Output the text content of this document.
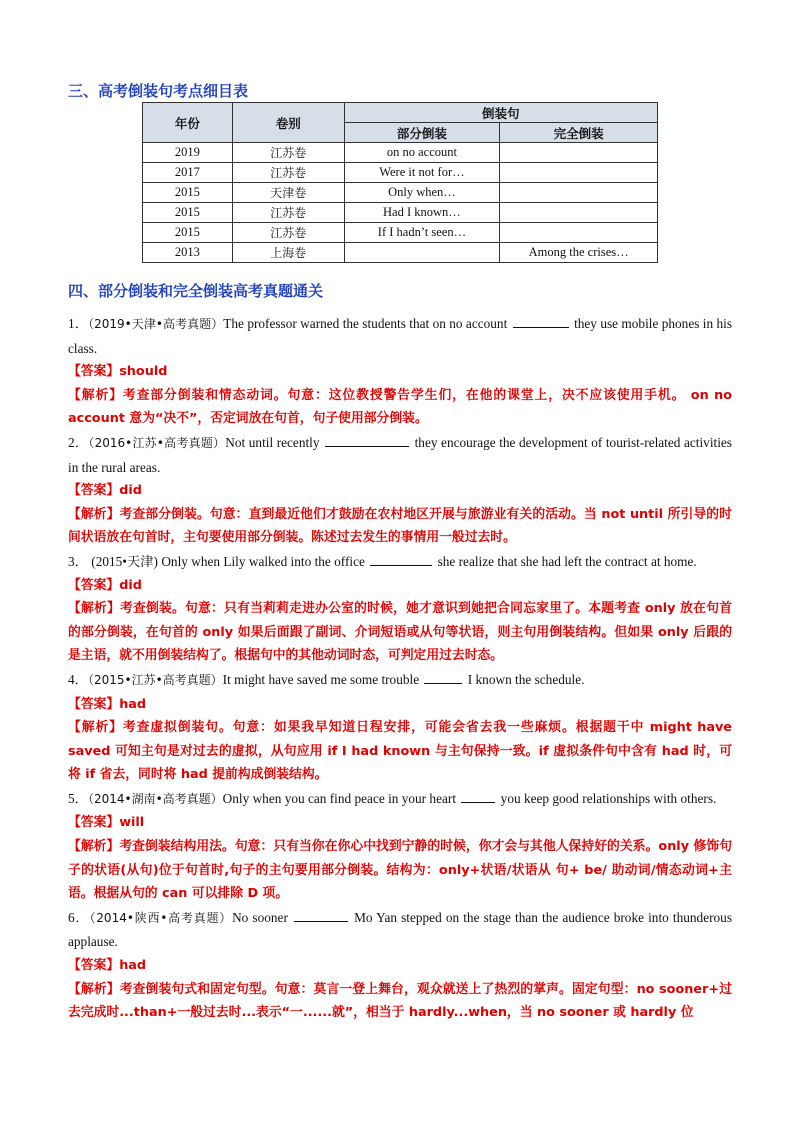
三、高考倒装句考点细目表
年份	卷别	倒装句	
		部分倒装	完全倒装
2019	江苏卷	on no account	
2017	江苏卷	Were it not for…	
2015	天津卷	Only when…	
2015	江苏卷	Had I known…	
2015	江苏卷	If I hadn’t seen…	
2013	上海卷		Among the crises…
四、部分倒装和完全倒装高考真题通关
1．（2019•天津•高考真题）The professor warned the students that on no account	they use mobile phones in his class.
【答案】should
【解析】考查部分倒装和情态动词。句意：这位教授警告学生们，在他的课堂上，决不应该使用手机。 on no account 意为“决不”，否定词放在句首，句子使用部分倒装。
2．（2016•江苏•高考真题）Not until recently	they encourage the development of tourist-related activities in the rural areas.
【答案】did
【解析】考查部分倒装。句意：直到最近他们才鼓励在农村地区开展与旅游业有关的活动。当 not until 所引导的时间状语放在句首时，主句要使用部分倒装。陈述过去发生的事情用一般过去时。
3． (2015•天津) Only when Lily walked into the office	she realize that she had left the contract at home.
【答案】did
【解析】考查倒装。句意：只有当莉莉走进办公室的时候，她才意识到她把合同忘家里了。本题考查 only 放在句首的部分倒装，在句首的 only 如果后面跟了副词、介词短语或从句等状语，则主句用倒装结构。但如果 only 后跟的是主语，就不用倒装结构了。根据句中的其他动词时态，可判定用过去时态。
4．（2015•江苏•高考真题）It might have saved me some trouble	I known the schedule.
【答案】had
【解析】考查虚拟倒装句。句意：如果我早知道日程安排，可能会省去我一些麻烦。根据题干中 might have saved 可知主句是对过去的虚拟，从句应用 if I had known 与主句保持一致。if 虚拟条件句中含有 had 时，可将 if 省去，同时将 had 提前构成倒装结构。
5．（2014•湖南•高考真题）Only when you can find peace in your heart	you keep good relationships with others.
【答案】will
【解析】考查倒装结构用法。句意：只有当你在你心中找到宁静的时候，你才会与其他人保持好的关系。only 修饰句子的状语(从句)位于句首时,句子的主句要用部分倒装。结构为：only+状语/状语从 句+ be/ 助动词/情态动词+主语。根据从句的 can 可以排除 D 项。
6．（2014•陕西•高考真题）No sooner	Mo Yan stepped on the stage than the audience broke into thunderous applause.
【答案】had
【解析】考查倒装句式和固定句型。句意：莫言一登上舞台，观众就送上了热烈的掌声。固定句型：no sooner+过去完成时...than+一般过去时...表示“一......就”，相当于 hardly...when，当 no sooner 或 hardly 位
